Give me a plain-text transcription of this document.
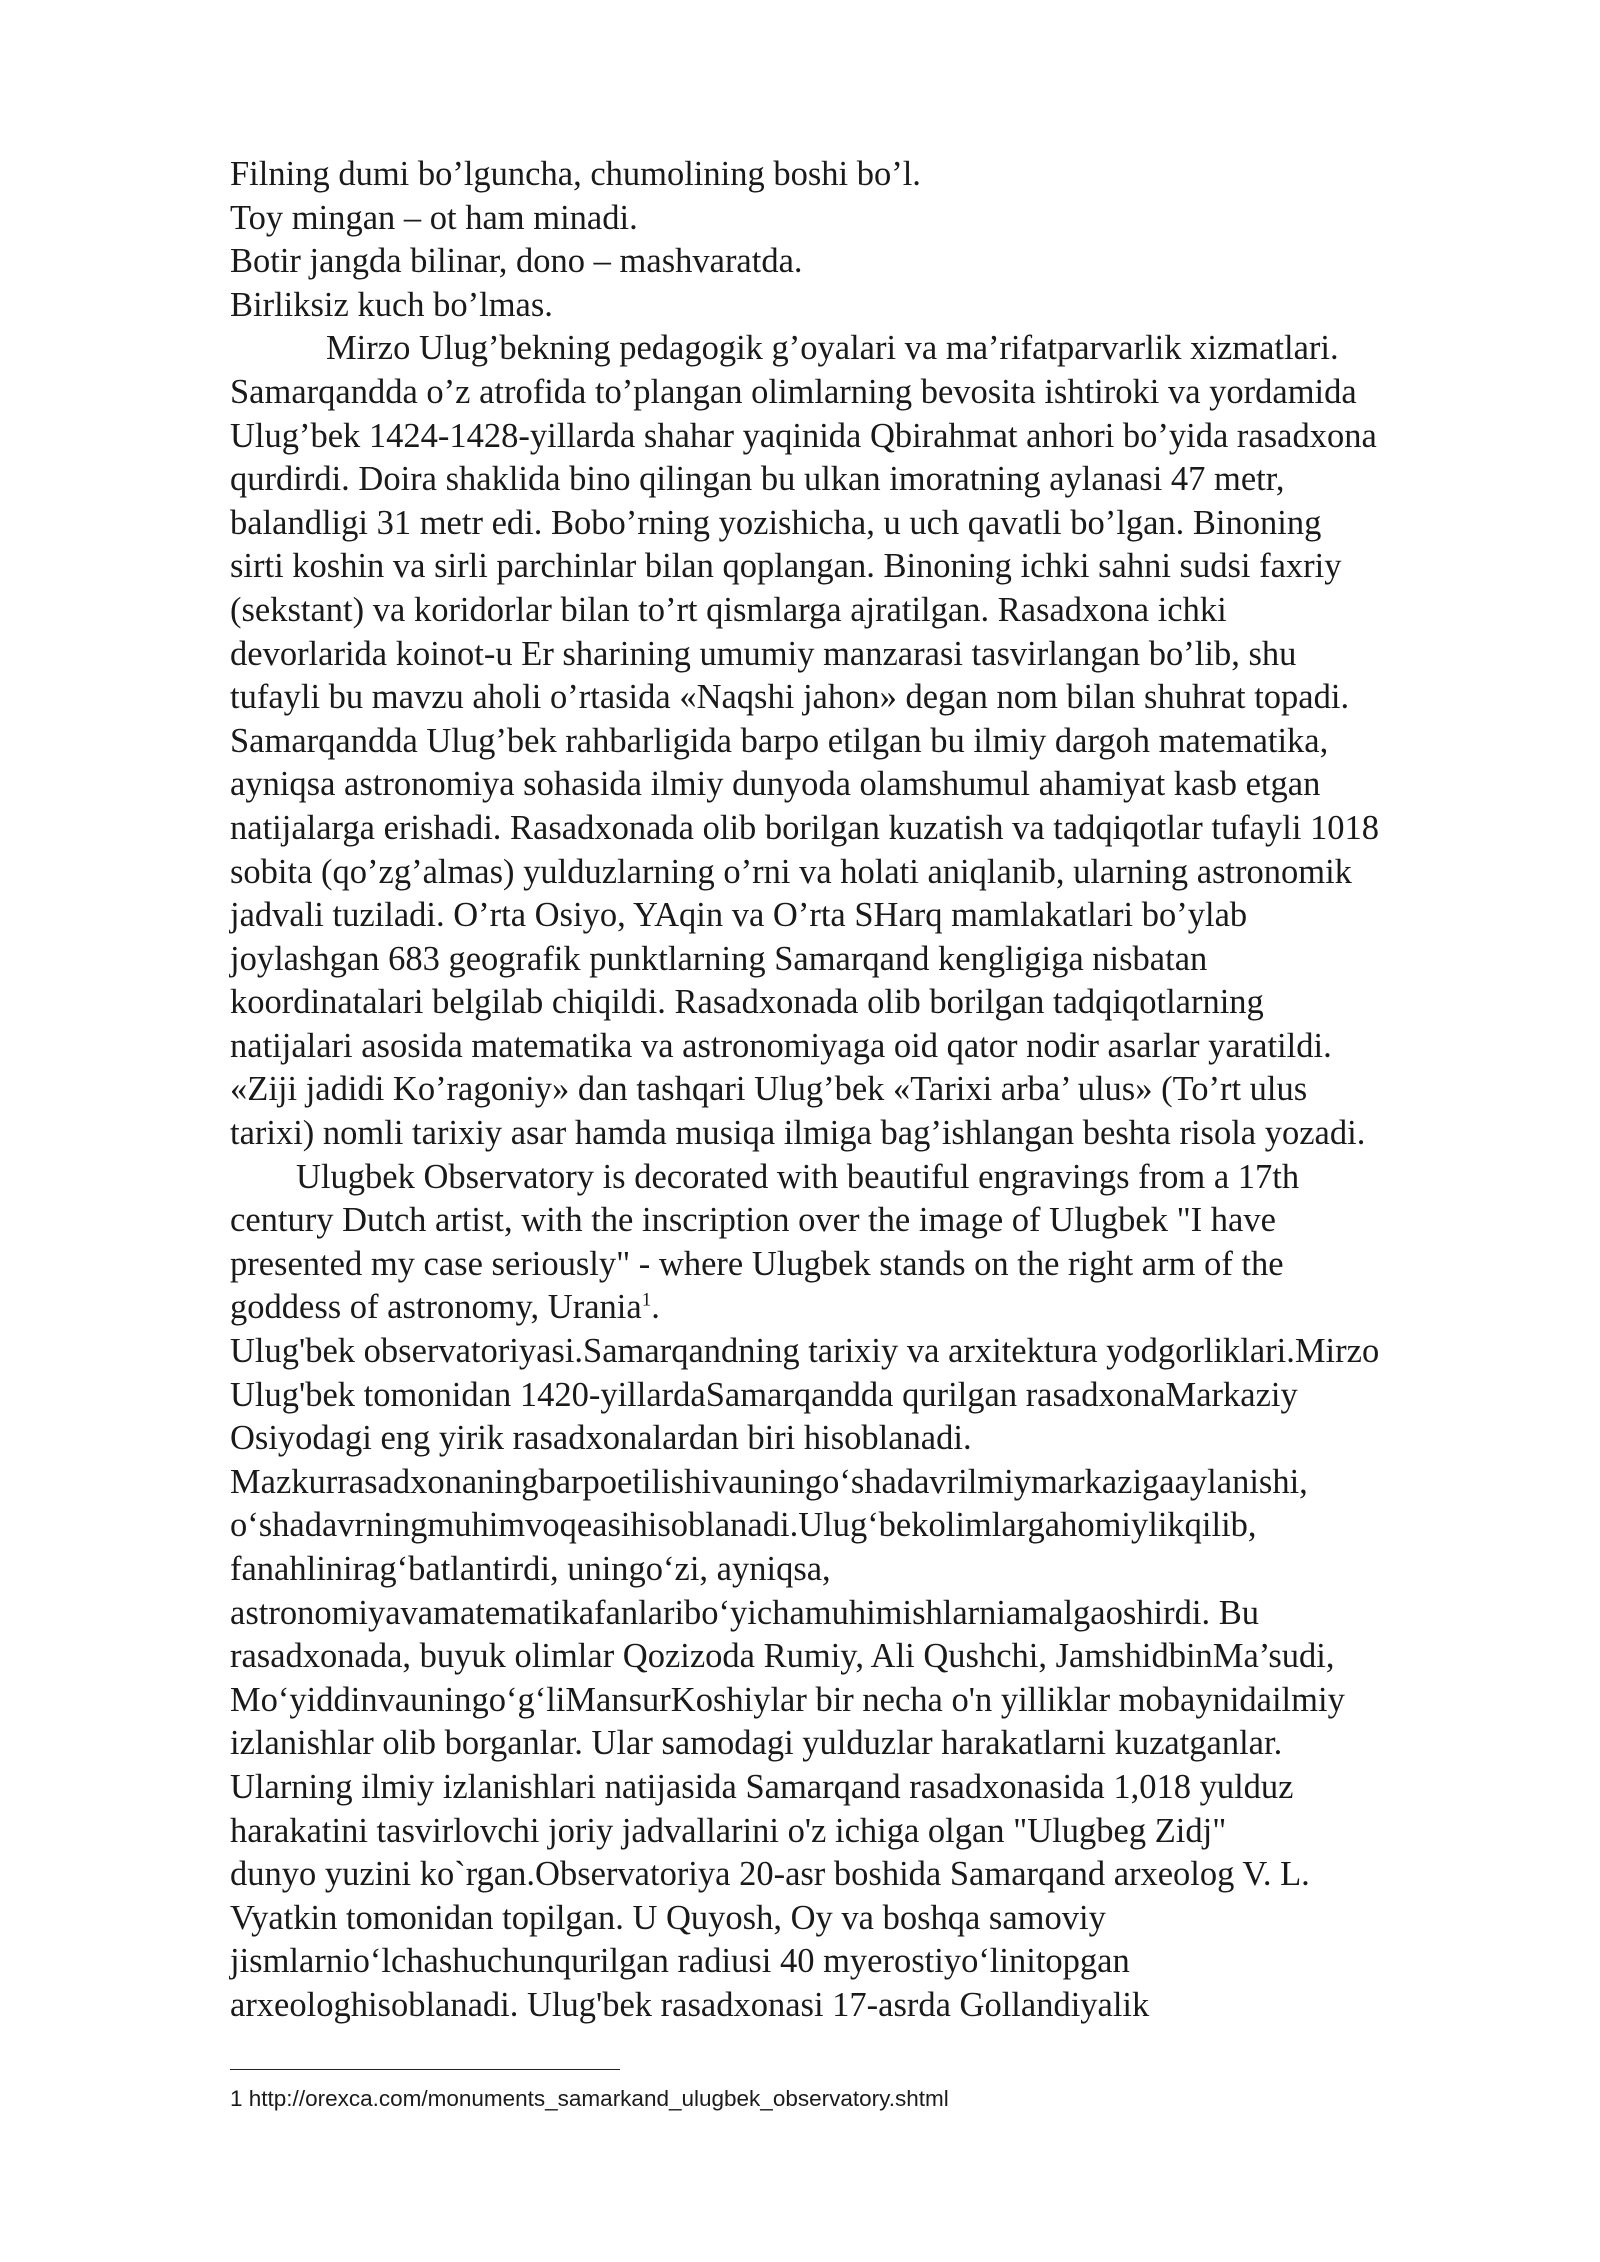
Filning dumi bo’lguncha, chumolining boshi bo’l.

Toy mingan – ot ham minadi.

Botir jangda bilinar, dono – mashvaratda.

Birliksiz kuch bo’lmas.

Mirzo Ulug’bekning pedagogik g’oyalari va ma’rifatparvarlik xizmatlari.

Samarqandda o’z atrofida to’plangan olimlarning bevosita ishtiroki va yordamida

Ulug’bek 1424-1428-yillarda shahar yaqinida Qbirahmat anhori bo’yida rasadxona

qurdirdi. Doira shaklida bino qilingan bu ulkan imoratning aylanasi 47 metr,

balandligi 31 metr edi. Bobo’rning yozishicha, u uch qavatli bo’lgan. Binoning

sirti koshin va sirli parchinlar bilan qoplangan. Binoning ichki sahni sudsi faxriy

(sekstant) va koridorlar bilan to’rt qismlarga ajratilgan. Rasadxona ichki

devorlarida koinot-u Er sharining umumiy manzarasi tasvirlangan bo’lib, shu

tufayli bu mavzu aholi o’rtasida «Naqshi jahon» degan nom bilan shuhrat topadi.

Samarqandda Ulug’bek rahbarligida barpo etilgan bu ilmiy dargoh matematika,

ayniqsa astronomiya sohasida ilmiy dunyoda olamshumul ahamiyat kasb etgan

natijalarga erishadi. Rasadxonada olib borilgan kuzatish va tadqiqotlar tufayli 1018

sobita (qo’zg’almas) yulduzlarning o’rni va holati aniqlanib, ularning astronomik

jadvali tuziladi. O’rta Osiyo, YAqin va O’rta SHarq mamlakatlari bo’ylab

joylashgan 683 geografik punktlarning Samarqand kengligiga nisbatan

koordinatalari belgilab chiqildi. Rasadxonada olib borilgan tadqiqotlarning

natijalari asosida matematika va astronomiyaga oid qator nodir asarlar yaratildi.

«Ziji jadidi Ko’ragoniy» dan tashqari Ulug’bek «Tarixi arba’ ulus» (To’rt ulus

tarixi) nomli tarixiy asar hamda musiqa ilmiga bag’ishlangan beshta risola yozadi.

Ulugbek Observatory is decorated with beautiful engravings from a 17th

century Dutch artist, with the inscription over the image of Ulugbek "I have

presented my case seriously" - where Ulugbek stands on the right arm of the

goddess of astronomy, Urania$^1$.

Ulug'bek observatoriyasi.Samarqandning tarixiy va arxitektura yodgorliklari.Mirzo

Ulug'bek tomonidan 1420-yillardaSamarqandda qurilgan rasadxonaMarkaziy

Osiyodagi eng yirik rasadxonalardan biri hisoblanadi.

Mazkurrasadxonaningbarpoetilishivauningo‘shadavrilmiymarkazigaaylanishi,

o‘shadavrningmuhimvoqeasihisoblanadi.Ulug‘bekolimlargahomiylikqilib,

fanahlinirag‘batlantirdi, uningo‘zi, ayniqsa,

astronomiyavamatematikafanlaribo‘yichamuhimishlarniamalgaoshirdi. Bu

rasadxonada, buyuk olimlar Qozizoda Rumiy, Ali Qushchi, JamshidbinMa’sudi,

Mo‘yiddinvauningo‘g‘liMansurKoshiylar bir necha o'n yilliklar mobaynidailmiy

izlanishlar olib borganlar. Ular samodagi yulduzlar harakatlarni kuzatganlar.

Ularning ilmiy izlanishlari natijasida Samarqand rasadxonasida 1,018 yulduz

harakatini tasvirlovchi joriy jadvallarini o'z ichiga olgan "Ulugbeg Zidj"

dunyo yuzini ko`rgan.Observatoriya 20-asr boshida Samarqand arxeolog V. L.

Vyatkin tomonidan topilgan. U Quyosh, Oy va boshqa samoviy

jismlarnio‘lchashuchunqurilgan radiusi 40 myerostiyo‘linitopgan

arxeologhisoblanadi. Ulug'bek rasadxonasi 17-asrda Gollandiyalik

1 http://orexca.com/monuments_samarkand_ulugbek_observatory.shtml
